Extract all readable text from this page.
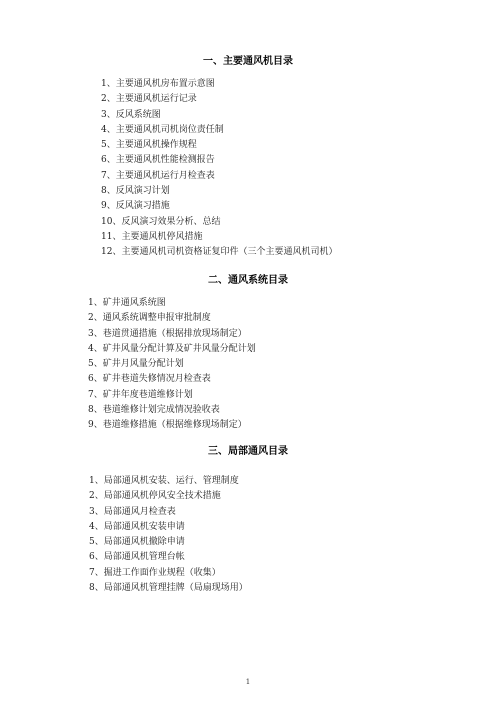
一、主要通风机目录
1、主要通风机房布置示意图
2、主要通风机运行记录
3、反风系统图
4、主要通风机司机岗位责任制
5、主要通风机操作规程
6、主要通风机性能检测报告
7、主要通风机运行月检查表
8、反风演习计划
9、反风演习措施
10、反风演习效果分析、总结
11、主要通风机停风措施
12、主要通风机司机资格证复印件（三个主要通风机司机）
二、通风系统目录
1、矿井通风系统图
2、通风系统调整申报审批制度
3、巷道贯通措施（根据排放现场制定）
4、矿井风量分配计算及矿井风量分配计划
5、矿井月风量分配计划
6、矿井巷道失修情况月检查表
7、矿井年度巷道维修计划
8、巷道维修计划完成情况验收表
9、巷道维修措施（根据维修现场制定）
三、局部通风目录
1、局部通风机安装、运行、管理制度
2、局部通风机停风安全技术措施
3、局部通风月检查表
4、局部通风机安装申请
5、局部通风机撤除申请
6、局部通风机管理台帐
7、掘进工作面作业规程（收集）
8、局部通风机管理挂牌（局扇现场用）
1
